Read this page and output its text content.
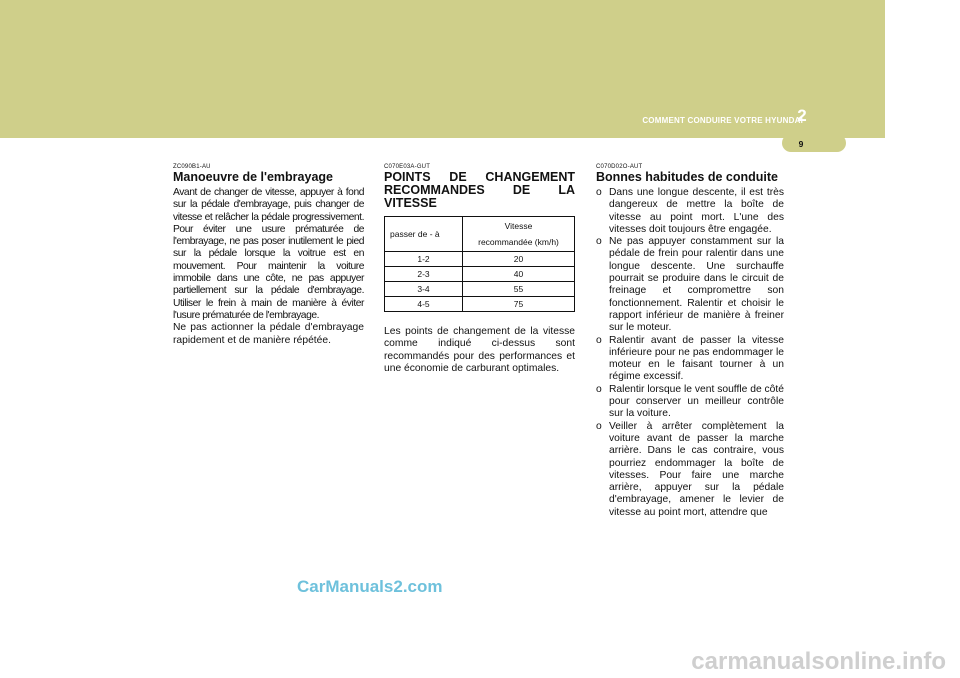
COMMENT CONDUIRE VOTRE HYUNDAI
2
9
ZC090B1-AU
Manoeuvre de l'embrayage

Avant de changer de vitesse, appuyer à fond sur la pédale d'embrayage, puis changer de vitesse et relâcher la pédale progressivement. Pour éviter une usure prématurée de l'embrayage, ne pas poser inutilement le pied sur la pédale lorsque la voitrue est en mouvement. Pour maintenir la voiture immobile dans une côte, ne pas appuyer partiellement sur la pédale d'embrayage. Utiliser le frein à main de manière à éviter l'usure prématurée de l'embrayage.

Ne pas actionner la pédale d'embrayage rapidement et de manière répétée.

C070E03A-GUT
POINTS DE CHANGEMENT RECOMMANDES DE LA VITESSE
passer de - à	Vitesse
recommandée (km/h)

1-2	20
2-3	40
3-4	55
4-5	75

Les points de changement de la vitesse comme indiqué ci-dessus sont recommandés pour des performances et une économie de carburant optimales.

C070D02O-AUT
Bonnes habitudes de conduite
o Dans une longue descente, il est très dangereux de mettre la boîte de vitesse au point mort. L'une des vitesses doit toujours être engagée.
o Ne pas appuyer constamment sur la pédale de frein pour ralentir dans une longue descente. Une surchauffe pourrait se produire dans le circuit de freinage et compromettre son fonctionnement. Ralentir et choisir le rapport inférieur de manière à freiner sur le moteur.
o Ralentir avant de passer la vitesse inférieure pour ne pas endommager le moteur en le faisant tourner à un régime excessif.
o Ralentir lorsque le vent souffle de côté pour conserver un meilleur contrôle sur la voiture.
o Veiller à arrêter complètement la voiture avant de passer la marche arrière. Dans le cas contraire, vous pourriez endommager la boîte de vitesses. Pour faire une marche arrière, appuyer sur la pédale d'embrayage, amener le levier de vitesse au point mort, attendre que
CarManuals2.com
carmanualsonline.info
